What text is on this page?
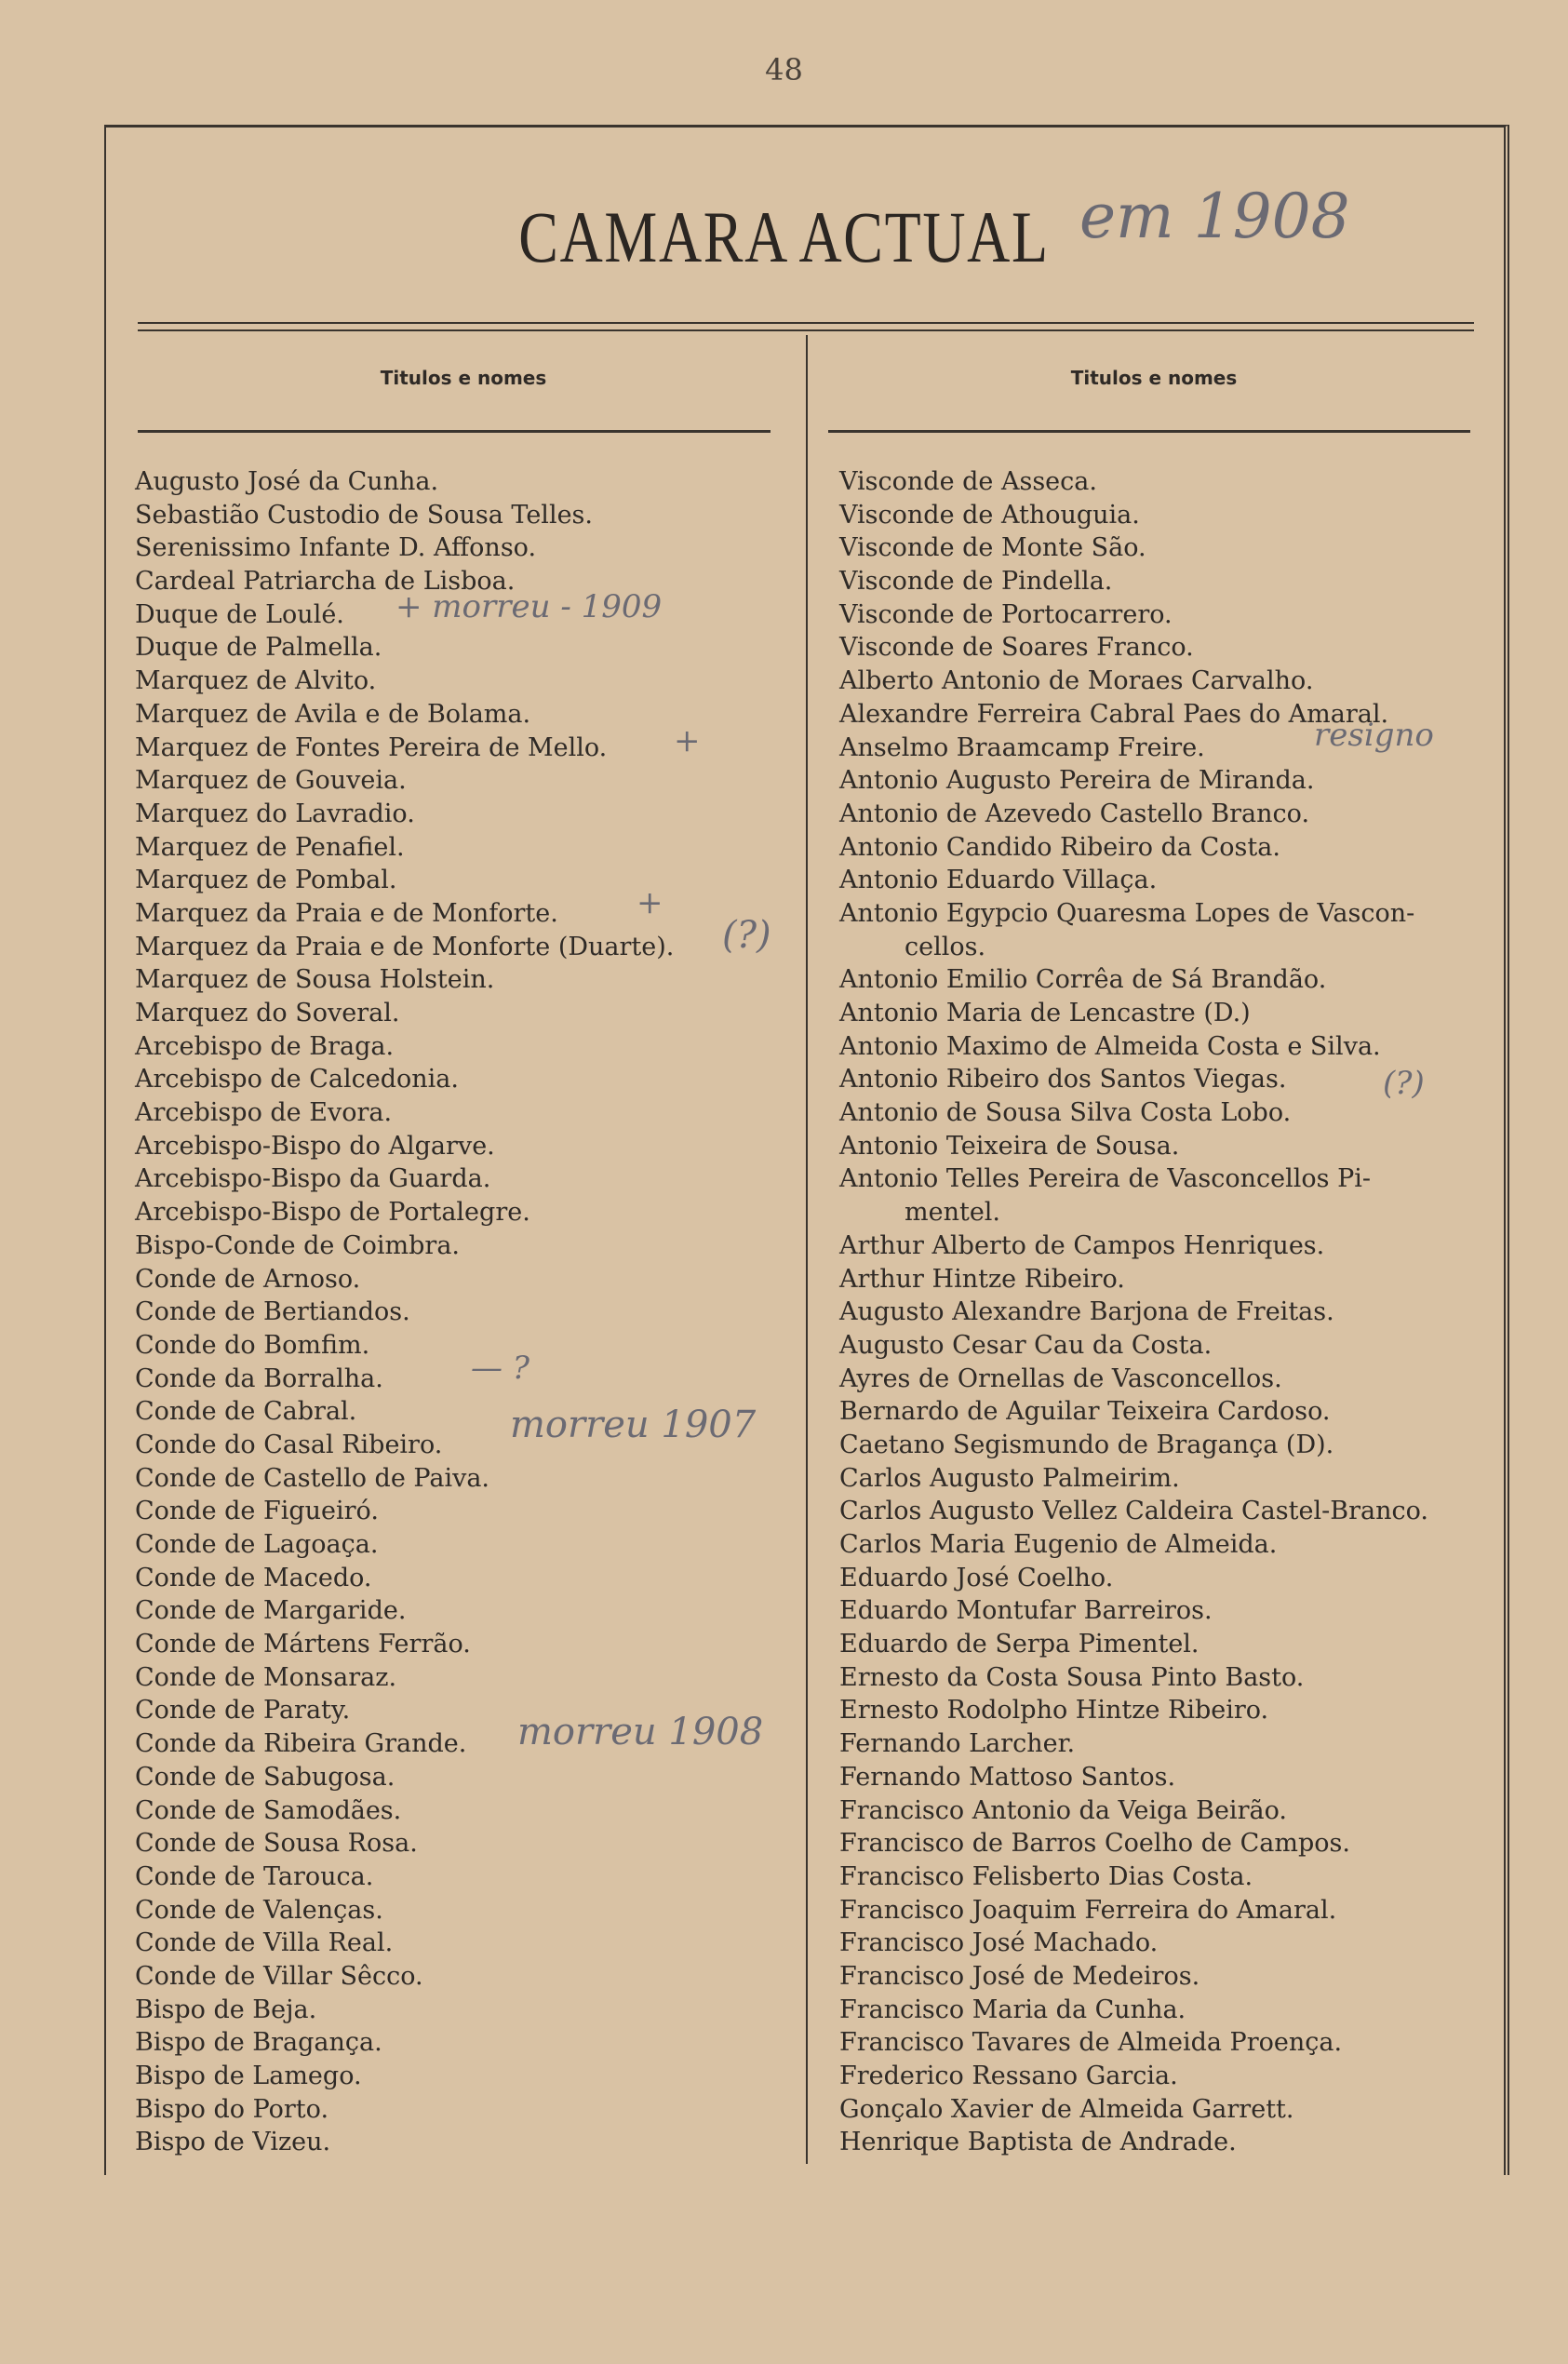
48
CAMARA ACTUAL em 1908
Titulos e nomes	Titulos e nomes
Augusto José da Cunha.
Sebastião Custodio de Sousa Telles.
Serenissimo Infante D. Affonso.
Cardeal Patriarcha de Lisboa.
Duque de Loulé.
Duque de Palmella.
Marquez de Alvito.
Marquez de Avila e de Bolama.
Marquez de Fontes Pereira de Mello.
Marquez de Gouveia.
Marquez do Lavradio.
Marquez de Penafiel.
Marquez de Pombal.
Marquez da Praia e de Monforte.
Marquez da Praia e de Monforte (Duarte).
Marquez de Sousa Holstein.
Marquez do Soveral.
Arcebispo de Braga.
Arcebispo de Calcedonia.
Arcebispo de Evora.
Arcebispo-Bispo do Algarve.
Arcebispo-Bispo da Guarda.
Arcebispo-Bispo de Portalegre.
Bispo-Conde de Coimbra.
Conde de Arnoso.
Conde de Bertiandos.
Conde do Bomfim.
Conde da Borralha.
Conde de Cabral.
Conde do Casal Ribeiro.
Conde de Castello de Paiva.
Conde de Figueiró.
Conde de Lagoaça.
Conde de Macedo.
Conde de Margaride.
Conde de Mártens Ferrão.
Conde de Monsaraz.
Conde de Paraty.
Conde da Ribeira Grande.
Conde de Sabugosa.
Conde de Samodães.
Conde de Sousa Rosa.
Conde de Tarouca.
Conde de Valenças.
Conde de Villa Real.
Conde de Villar Sêcco.
Bispo de Beja.
Bispo de Bragança.
Bispo de Lamego.
Bispo do Porto.
Bispo de Vizeu.
Visconde de Asseca.
Visconde de Athouguia.
Visconde de Monte São.
Visconde de Pindella.
Visconde de Portocarrero.
Visconde de Soares Franco.
Alberto Antonio de Moraes Carvalho.
Alexandre Ferreira Cabral Paes do Amaral.
Anselmo Braamcamp Freire.
Antonio Augusto Pereira de Miranda.
Antonio de Azevedo Castello Branco.
Antonio Candido Ribeiro da Costa.
Antonio Eduardo Villaça.
Antonio Egypcio Quaresma Lopes de Vascon-
cellos.
Antonio Emilio Corrêa de Sá Brandão.
Antonio Maria de Lencastre (D.)
Antonio Maximo de Almeida Costa e Silva.
Antonio Ribeiro dos Santos Viegas.
Antonio de Sousa Silva Costa Lobo.
Antonio Teixeira de Sousa.
Antonio Telles Pereira de Vasconcellos Pi-
mentel.
Arthur Alberto de Campos Henriques.
Arthur Hintze Ribeiro.
Augusto Alexandre Barjona de Freitas.
Augusto Cesar Cau da Costa.
Ayres de Ornellas de Vasconcellos.
Bernardo de Aguilar Teixeira Cardoso.
Caetano Segismundo de Bragança (D).
Carlos Augusto Palmeirim.
Carlos Augusto Vellez Caldeira Castel-Branco.
Carlos Maria Eugenio de Almeida.
Eduardo José Coelho.
Eduardo Montufar Barreiros.
Eduardo de Serpa Pimentel.
Ernesto da Costa Sousa Pinto Basto.
Ernesto Rodolpho Hintze Ribeiro.
Fernando Larcher.
Fernando Mattoso Santos.
Francisco Antonio da Veiga Beirão.
Francisco de Barros Coelho de Campos.
Francisco Felisberto Dias Costa.
Francisco Joaquim Ferreira do Amaral.
Francisco José Machado.
Francisco José de Medeiros.
Francisco Maria da Cunha.
Francisco Tavares de Almeida Proença.
Frederico Ressano Garcia.
Gonçalo Xavier de Almeida Garrett.
Henrique Baptista de Andrade.
+ morreu - 1909
+
+
(?)
— ?
morreu 1907
morreu 1908
resigno
(?)
